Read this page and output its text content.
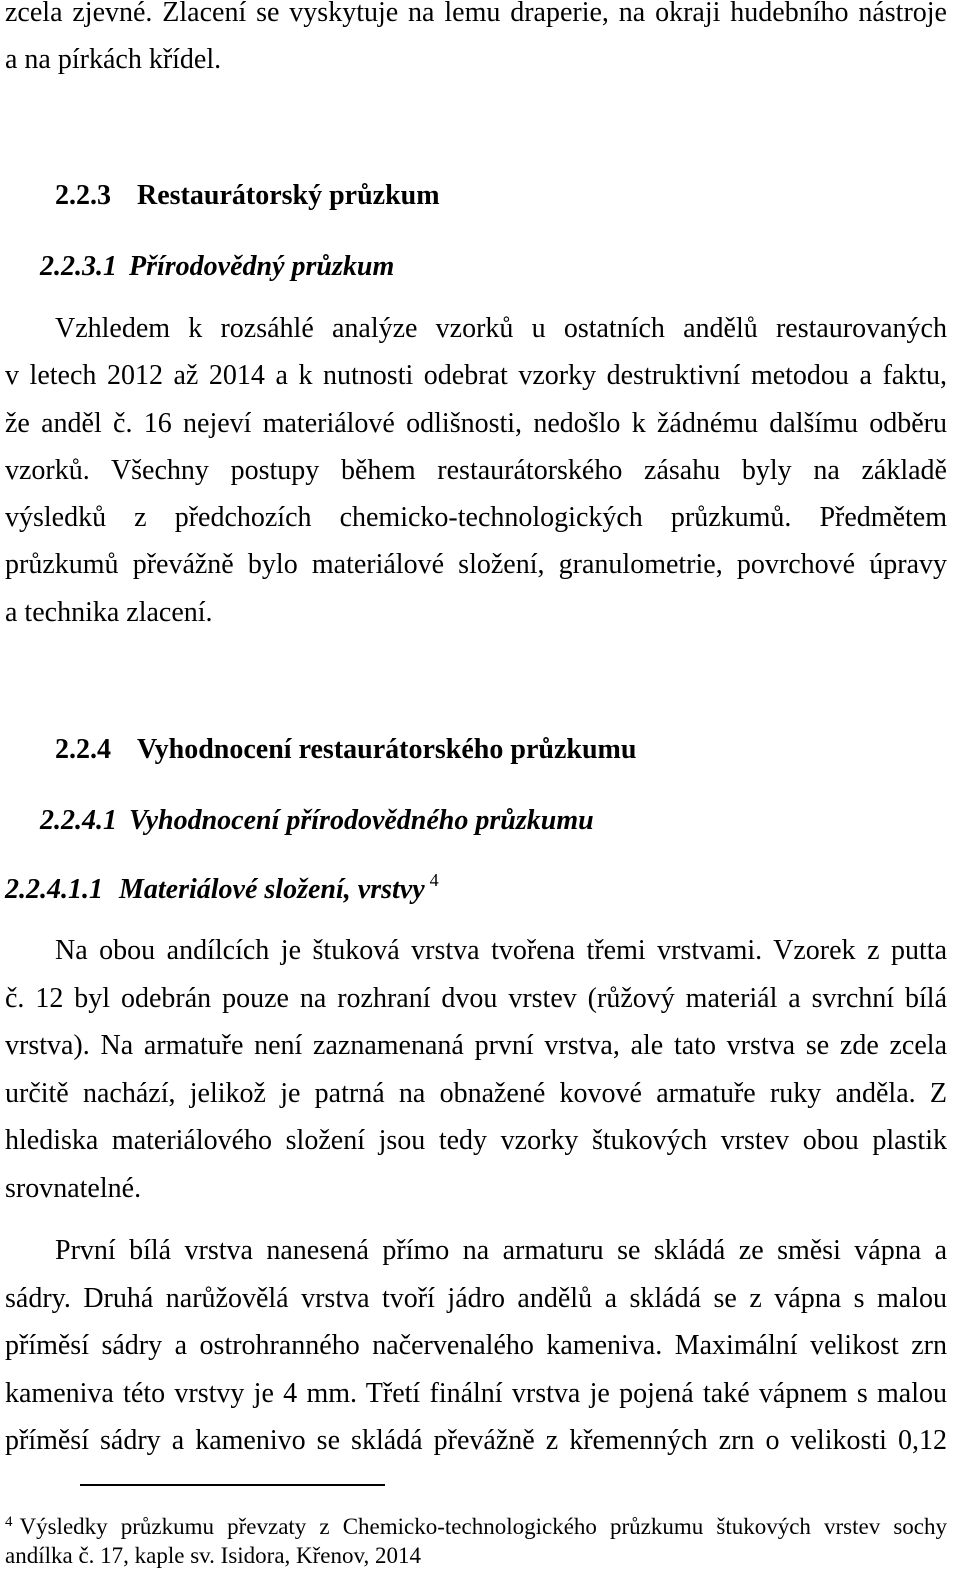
zcela zjevné. Zlacení se vyskytuje na lemu draperie, na okraji hudebního nástroje
a na pírkách křídel.
2.2.3 Restaurátorský průzkum
2.2.3.1 Přírodovědný průzkum
Vzhledem k rozsáhlé analýze vzorků u ostatních andělů restaurovaných
v letech 2012 až 2014 a k nutnosti odebrat vzorky destruktivní metodou a faktu,
že anděl č. 16 nejeví materiálové odlišnosti, nedošlo k žádnému dalšímu odběru
vzorků. Všechny postupy během restaurátorského zásahu byly na základě
výsledků z předchozích chemicko-technologických průzkumů. Předmětem
průzkumů převážně bylo materiálové složení, granulometrie, povrchové úpravy
a technika zlacení.
2.2.4 Vyhodnocení restaurátorského průzkumu
2.2.4.1 Vyhodnocení přírodovědného průzkumu
2.2.4.1.1 Materiálové složení, vrstvy $^4$
Na obou andílcích je štuková vrstva tvořena třemi vrstvami. Vzorek z putta
č. 12 byl odebrán pouze na rozhraní dvou vrstev (růžový materiál a svrchní bílá
vrstva). Na armatuře není zaznamenaná první vrstva, ale tato vrstva se zde zcela
určitě nachází, jelikož je patrná na obnažené kovové armatuře ruky anděla. Z
hlediska materiálového složení jsou tedy vzorky štukových vrstev obou plastik
srovnatelné.
První bílá vrstva nanesená přímo na armaturu se skládá ze směsi vápna a
sádry. Druhá narůžovělá vrstva tvoří jádro andělů a skládá se z vápna s malou
příměsí sádry a ostrohranného načervenalého kameniva. Maximální velikost zrn
kameniva této vrstvy je 4 mm. Třetí finální vrstva je pojená také vápnem s malou
příměsí sádry a kamenivo se skládá převážně z křemenných zrn o velikosti 0,12
$^4$ Výsledky průzkumu převzaty z Chemicko-technologického průzkumu štukových vrstev sochy
andílka č. 17, kaple sv. Isidora, Křenov, 2014
